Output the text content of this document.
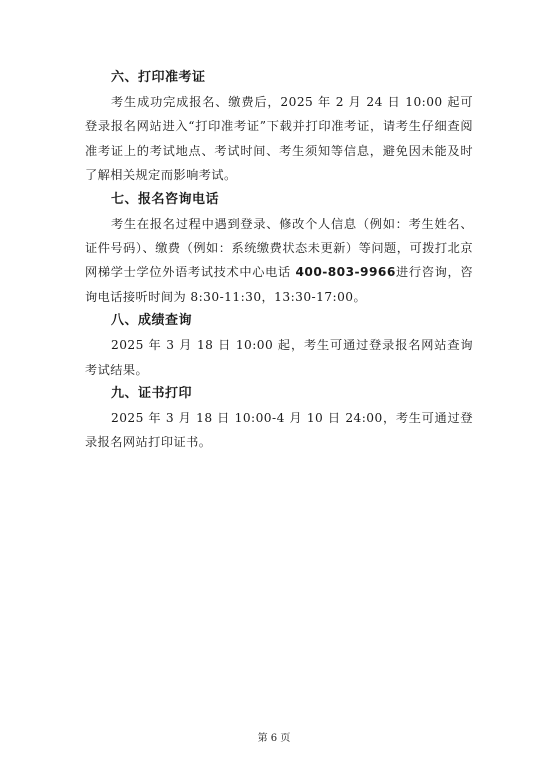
六、打印准考证

考生成功完成报名、缴费后，2025 年 2 月 24 日 10:00 起可登录报名网站进入“打印准考证”下载并打印准考证，请考生仔细查阅准考证上的考试地点、考试时间、考生须知等信息，避免因未能及时了解相关规定而影响考试。

七、报名咨询电话

考生在报名过程中遇到登录、修改个人信息（例如：考生姓名、证件号码）、缴费（例如：系统缴费状态未更新）等问题，可拨打北京网梯学士学位外语考试技术中心电话 400-803-9966进行咨询，咨询电话接听时间为 8:30-11:30，13:30-17:00。

八、成绩查询

2025 年 3 月 18 日 10:00 起，考生可通过登录报名网站查询考试结果。

九、证书打印

2025 年 3 月 18 日 10:00-4 月 10 日 24:00，考生可通过登录报名网站打印证书。

第 6 页
